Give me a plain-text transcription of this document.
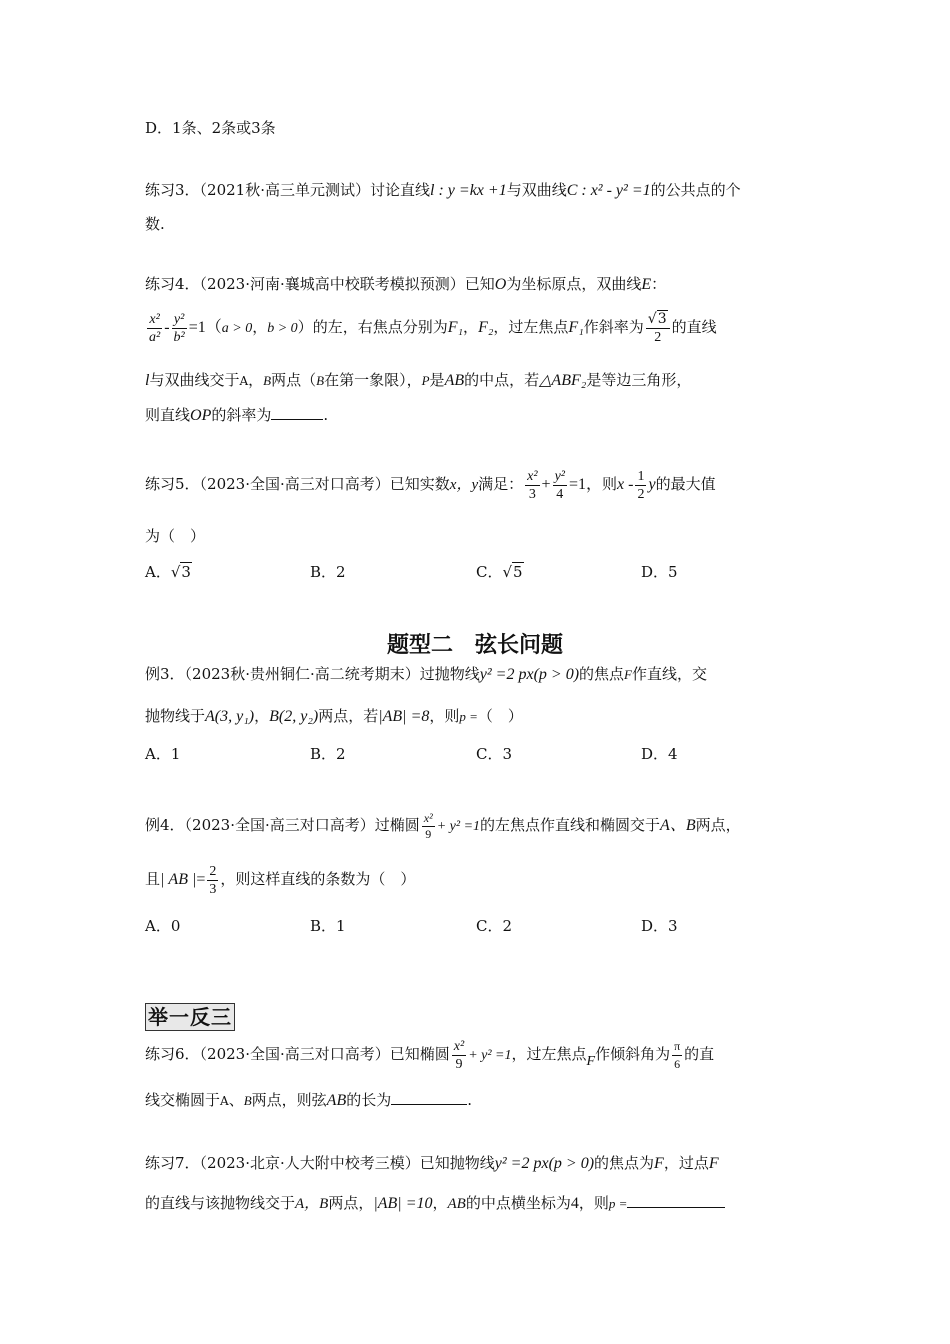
D．1条、2条或3条
练习3．（2021秋·高三单元测试）讨论直线l : y =kx +1与双曲线C : x² - y² =1的公共点的个
数.
练习4．（2023·河南·襄城高中校联考模拟预测）已知O为坐标原点，双曲线E：
$\frac{\text{x²}}{\text{a²}} - \frac{\text{y²}}{\text{b²}} =1(a > 0$，b > 0）的左，右焦点分别为F₁，F₂，过左焦点F₁作斜率为 $\frac{√3}{2}$ 的直线
l与双曲线交于A，B两点（B在第一象限），P是AB的中点，若△ABF₂是等边三角形，
则直线OP的斜率为	.
练习5．（2023·全国·高三对口高考）已知实数x，y满足： $\frac{\text{x²}}{3} + \frac{\text{y²}}{4} =1$，则x - $\frac{1}{2}$ y的最大值
为（　）
A．√3	B．2	C．√5	D．5
题型二　弦长问题
例3．（2023秋·贵州铜仁·高二统考期末）过抛物线y² =2 px(p > 0)的焦点F作直线，交
抛物线于A(3, y₁)，B(2, y₂)两点，若|AB| =8，则p =（　）
A．1	B．2	C．3	D．4
例4．（2023·全国·高三对口高考）过椭圆 $\frac{\text{x²}}{9} + y^2 =1$的左焦点作直线和椭圆交于A、B两点，
且| AB |= $\frac{2}{3}$ ，则这样直线的条数为（　）
A．0	B．1	C．2	D．3
举一反三
练习6．（2023·全国·高三对口高考）已知椭圆 $\frac{\text{x²}}{9} + y^2 =1$，过左焦点F作倾斜角为 $\frac{\pi}{6}$ 的直
线交椭圆于A、B两点，则弦AB的长为	.
练习7．（2023·北京·人大附中校考三模）已知抛物线y² =2 px(p > 0)的焦点为F，过点F
的直线与该抛物线交于A，B两点，|AB| =10，AB的中点横坐标为4，则p =
